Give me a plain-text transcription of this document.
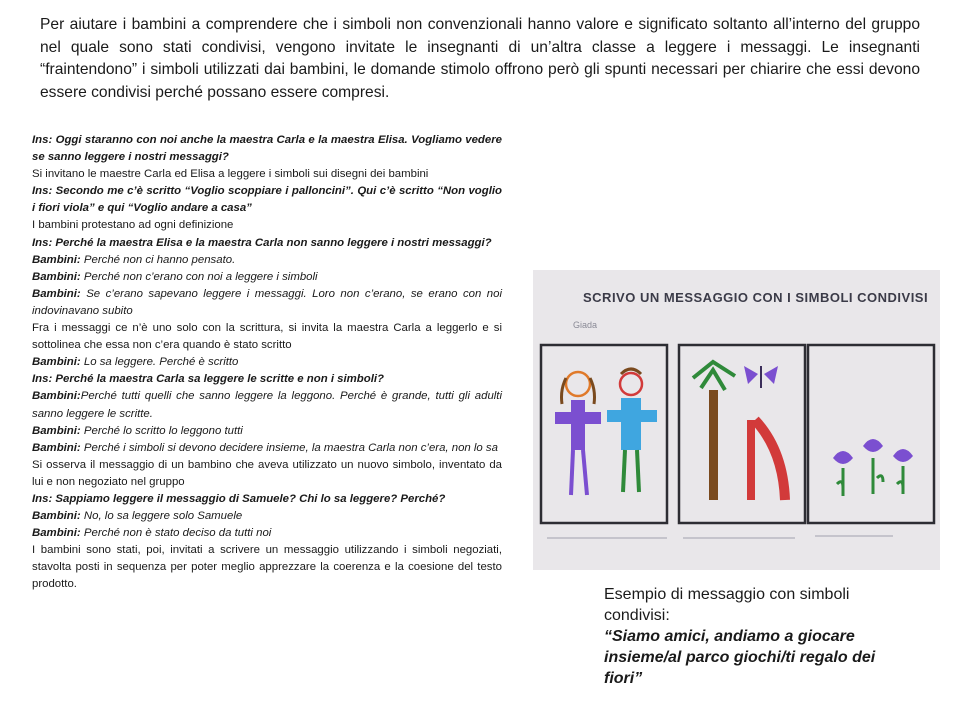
Per aiutare i bambini a comprendere che i simboli non convenzionali hanno valore e significato soltanto all’interno del gruppo nel quale sono stati condivisi, vengono invitate le insegnanti di un’altra classe a leggere i messaggi. Le insegnanti “fraintendono” i simboli utilizzati dai bambini, le domande stimolo offrono però gli spunti necessari per chiarire che essi devono essere condivisi perché possano essere compresi.

Ins: Oggi staranno con noi anche la maestra Carla e la maestra Elisa. Vogliamo vedere se sanno leggere i nostri messaggi?
Si invitano le maestre Carla ed Elisa a leggere i simboli sui disegni dei bambini
Ins: Secondo me c’è scritto “Voglio scoppiare i palloncini”. Qui c’è scritto “Non voglio i fiori viola” e qui “Voglio andare a casa”
I bambini protestano ad ogni definizione
Ins: Perché la maestra Elisa e la maestra Carla non sanno leggere i nostri messaggi?
Bambini: Perché non ci hanno pensato.
Bambini: Perché non c’erano con noi a leggere i simboli
Bambini: Se c’erano sapevano leggere i messaggi. Loro non c’erano, se erano con noi indovinavano subito
Fra i messaggi ce n’è uno solo con la scrittura, si invita la maestra Carla a leggerlo e si sottolinea che essa non c’era quando è stato scritto
Bambini: Lo sa leggere. Perché è scritto
Ins: Perché la maestra Carla sa leggere le scritte e non i simboli?
Bambini:Perché tutti quelli che sanno leggere la leggono. Perché è grande, tutti gli adulti sanno leggere le scritte.
Bambini: Perché lo scritto lo leggono tutti
Bambini: Perché i simboli si devono decidere insieme, la maestra Carla non c’era, non lo sa
Si osserva il messaggio di un bambino che aveva utilizzato un nuovo simbolo, inventato da lui e non negoziato nel gruppo
Ins: Sappiamo leggere il messaggio di Samuele? Chi lo sa leggere? Perché?
Bambini: No, lo sa leggere solo Samuele
Bambini: Perché non è stato deciso da tutti noi
I bambini sono stati, poi, invitati a scrivere un messaggio utilizzando i simboli negoziati, stavolta posti in sequenza per poter meglio apprezzare la coerenza e la coesione del testo prodotto.
SCRIVO UN MESSAGGIO CON I SIMBOLI CONDIVISI
Giada
Esempio di messaggio con simboli condivisi:
“Siamo amici, andiamo a giocare insieme/al parco giochi/ti regalo dei fiori”
